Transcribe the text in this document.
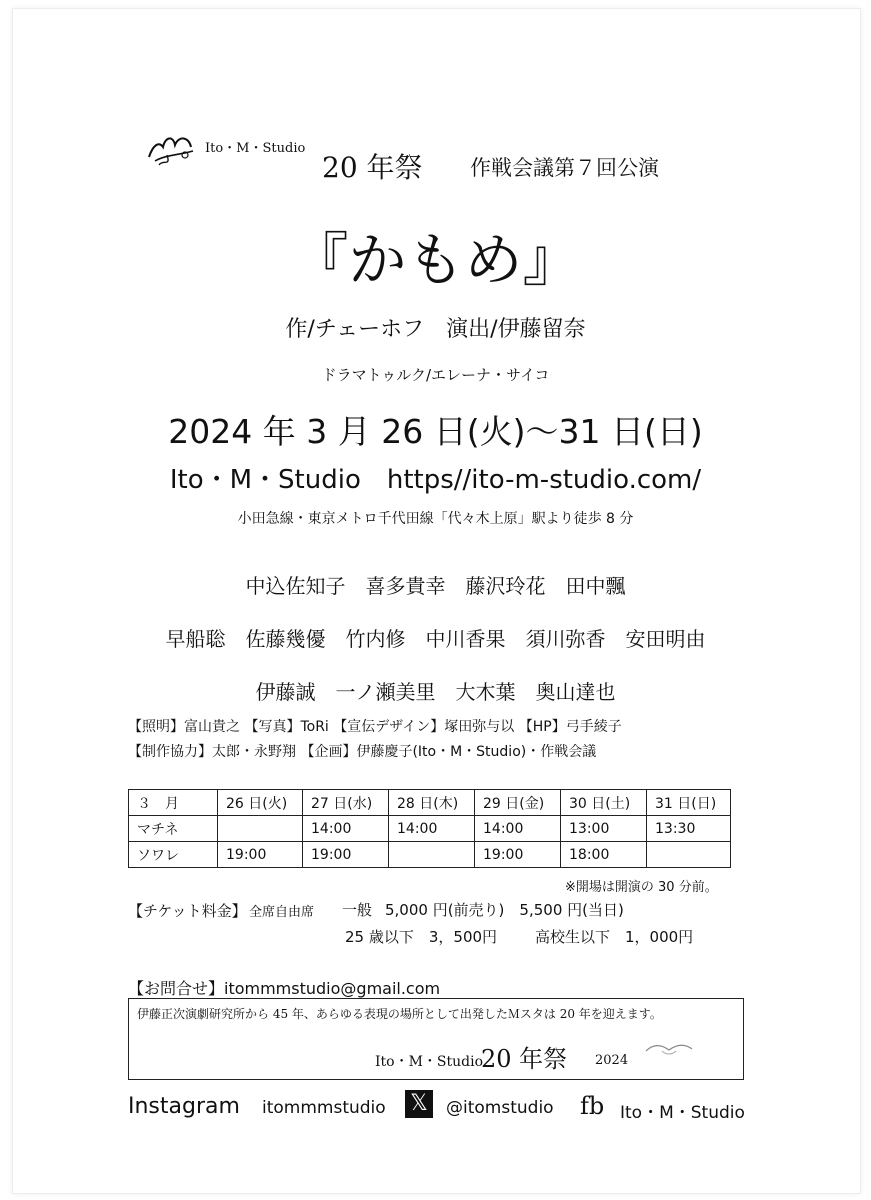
Ito・M・Studio
20 年祭 作戦会議第７回公演
『かもめ』
作/チェーホフ　演出/伊藤留奈
ドラマトゥルク/エレーナ・サイコ
2024 年 3 月 26 日(火)～31 日(日)
Ito・M・Studio　https//ito-m-studio.com/
小田急線・東京メトロ千代田線「代々木上原」駅より徒歩 8 分
中込佐知子　喜多貴幸　藤沢玲花　田中飄
早船聡　佐藤幾優　竹内修　中川香果　須川弥香　安田明由
伊藤誠　一ノ瀬美里　大木葉　奥山達也
【照明】富山貴之 【写真】ToRi 【宣伝デザイン】塚田弥与以 【HP】弓手綾子
【制作協力】太郎・永野翔 【企画】伊藤慶子(Ito・M・Studio)・作戦会議
３　月	26 日(火)	27 日(水)	28 日(木)	29 日(金)	30 日(土)	31 日(日)
マチネ		14:00	14:00	14:00	13:00	13:30
ソワレ	19:00	19:00		19:00	18:00	
※開場は開演の 30 分前。
【チケット料金】 全席自由席 一般 5,000 円(前売り)　5,500 円(当日)
25 歳以下　3，500円	高校生以下　1，000円
【お問合せ】itommmstudio@gmail.com
伊藤正次演劇研究所から 45 年、あらゆる表現の場所として出発したＭスタは 20 年を迎えます。
Ito・M・Studio
20 年祭 2024
Instagram itommmstudio 𝕏	@itomstudio fb Ito・M・Studio
